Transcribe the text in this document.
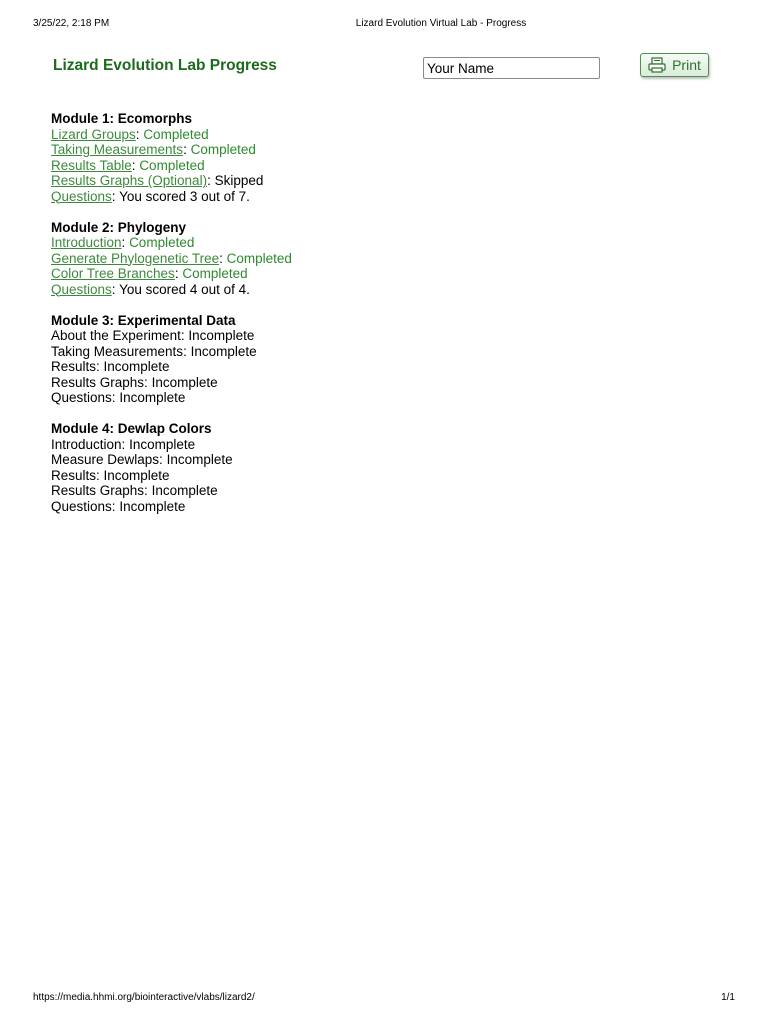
3/25/22, 2:18 PM	Lizard Evolution Virtual Lab - Progress
Lizard Evolution Lab Progress
Your Name	Print
Module 1: Ecomorphs
Lizard Groups: Completed
Taking Measurements: Completed
Results Table: Completed
Results Graphs (Optional): Skipped
Questions: You scored 3 out of 7.
Module 2: Phylogeny
Introduction: Completed
Generate Phylogenetic Tree: Completed
Color Tree Branches: Completed
Questions: You scored 4 out of 4.
Module 3: Experimental Data
About the Experiment: Incomplete
Taking Measurements: Incomplete
Results: Incomplete
Results Graphs: Incomplete
Questions: Incomplete
Module 4: Dewlap Colors
Introduction: Incomplete
Measure Dewlaps: Incomplete
Results: Incomplete
Results Graphs: Incomplete
Questions: Incomplete
https://media.hhmi.org/biointeractive/vlabs/lizard2/	1/1
